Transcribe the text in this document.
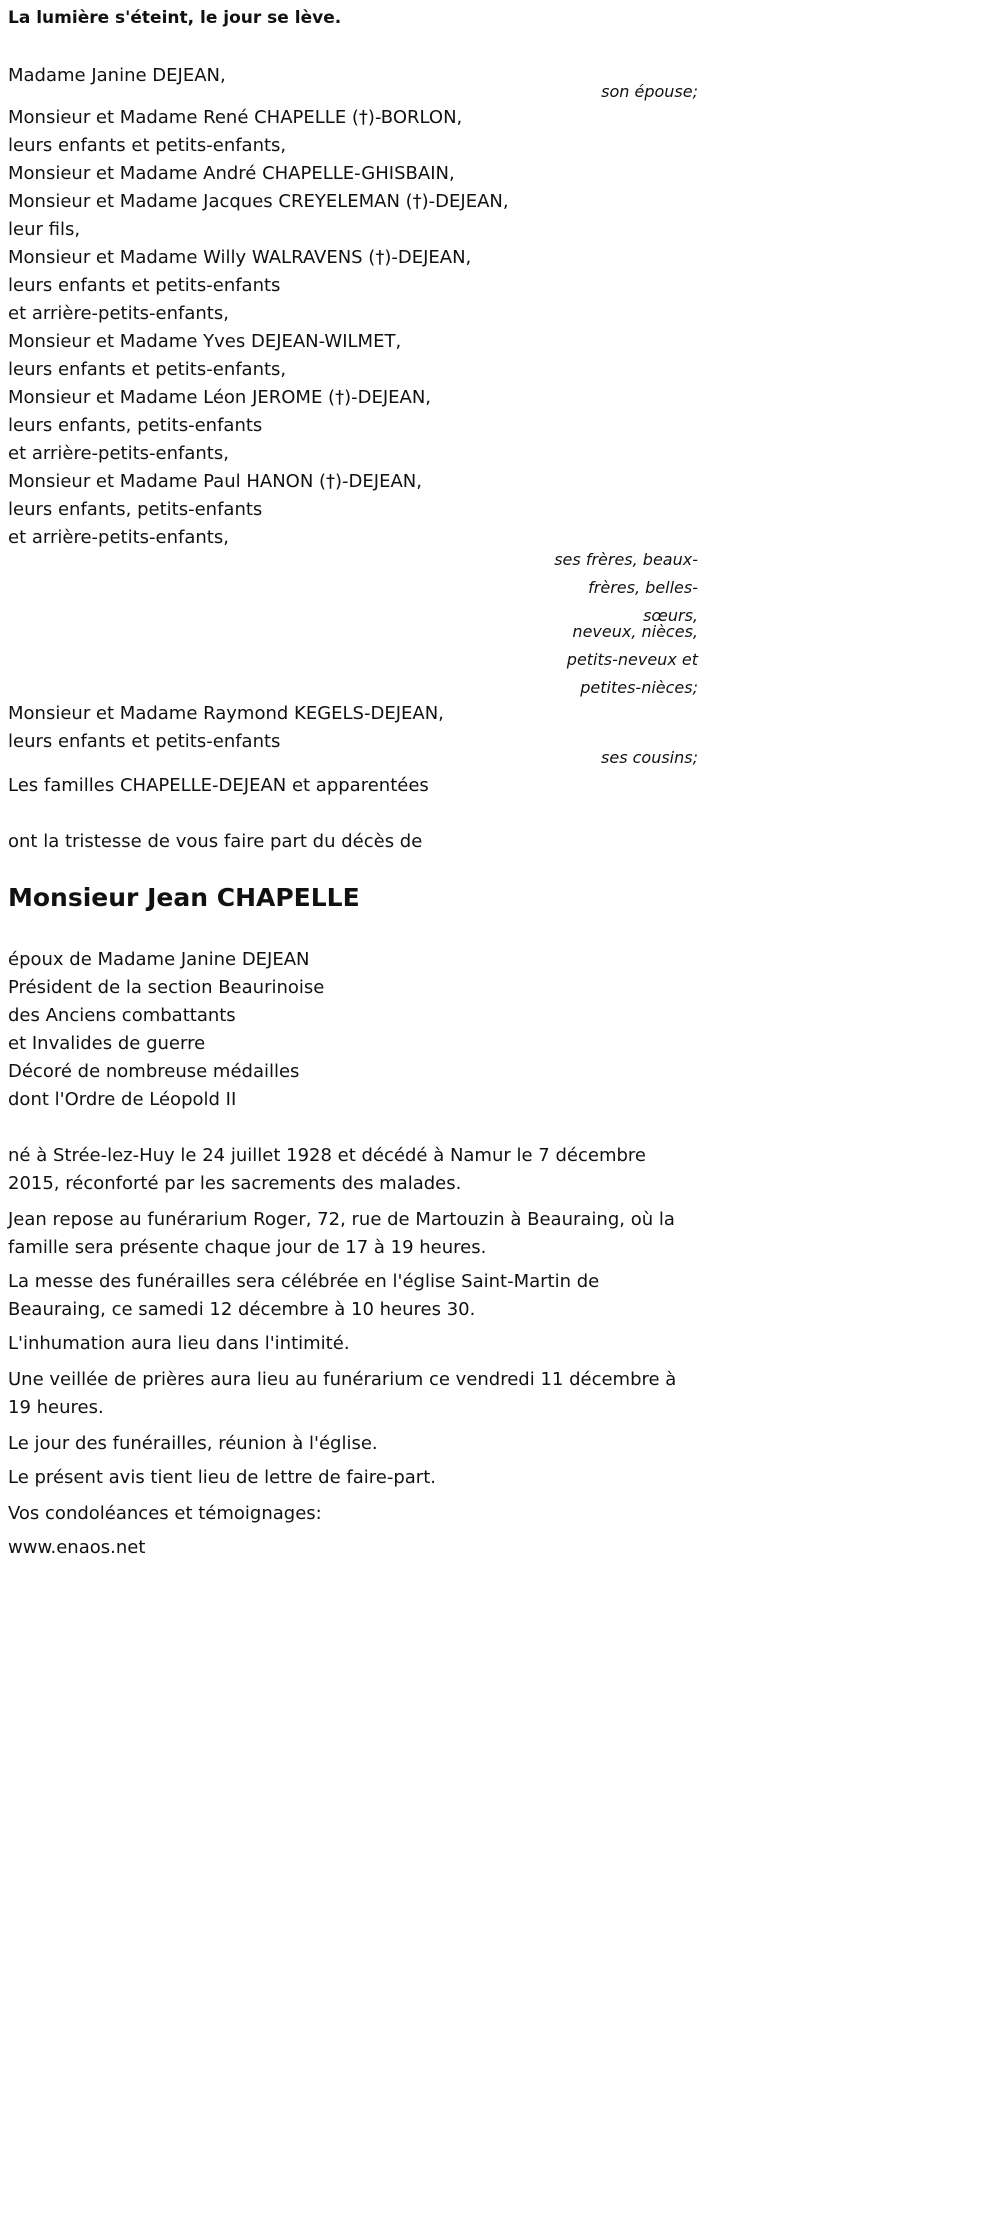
La lumière s'éteint, le jour se lève.
Madame Janine DEJEAN,
son épouse;
Monsieur et Madame René CHAPELLE (†)-BORLON,
leurs enfants et petits-enfants,
Monsieur et Madame André CHAPELLE-GHISBAIN,
Monsieur et Madame Jacques CREYELEMAN (†)-DEJEAN,
leur fils,
Monsieur et Madame Willy WALRAVENS (†)-DEJEAN,
leurs enfants et petits-enfants
et arrière-petits-enfants,
Monsieur et Madame Yves DEJEAN-WILMET,
leurs enfants et petits-enfants,
Monsieur et Madame Léon JEROME (†)-DEJEAN,
leurs enfants, petits-enfants
et arrière-petits-enfants,
Monsieur et Madame Paul HANON (†)-DEJEAN,
leurs enfants, petits-enfants
et arrière-petits-enfants,
ses frères, beaux-
frères, belles-
sœurs,
neveux, nièces,
petits-neveux et
petites-nièces;
Monsieur et Madame Raymond KEGELS-DEJEAN,
leurs enfants et petits-enfants
ses cousins;
Les familles CHAPELLE-DEJEAN et apparentées
ont la tristesse de vous faire part du décès de
Monsieur Jean CHAPELLE
époux de Madame Janine DEJEAN
Président de la section Beaurinoise
des Anciens combattants
et Invalides de guerre
Décoré de nombreuse médailles
dont l'Ordre de Léopold II
né à Strée-lez-Huy le 24 juillet 1928 et décédé à Namur le 7 décembre 2015, réconforté par les sacrements des malades.
Jean repose au funérarium Roger, 72, rue de Martouzin à Beauraing, où la famille sera présente chaque jour de 17 à 19 heures.
La messe des funérailles sera célébrée en l'église Saint-Martin de Beauraing, ce samedi 12 décembre à 10 heures 30.
L'inhumation aura lieu dans l'intimité.
Une veillée de prières aura lieu au funérarium ce vendredi 11 décembre à 19 heures.
Le jour des funérailles, réunion à l'église.
Le présent avis tient lieu de lettre de faire-part.
Vos condoléances et témoignages:
www.enaos.net
